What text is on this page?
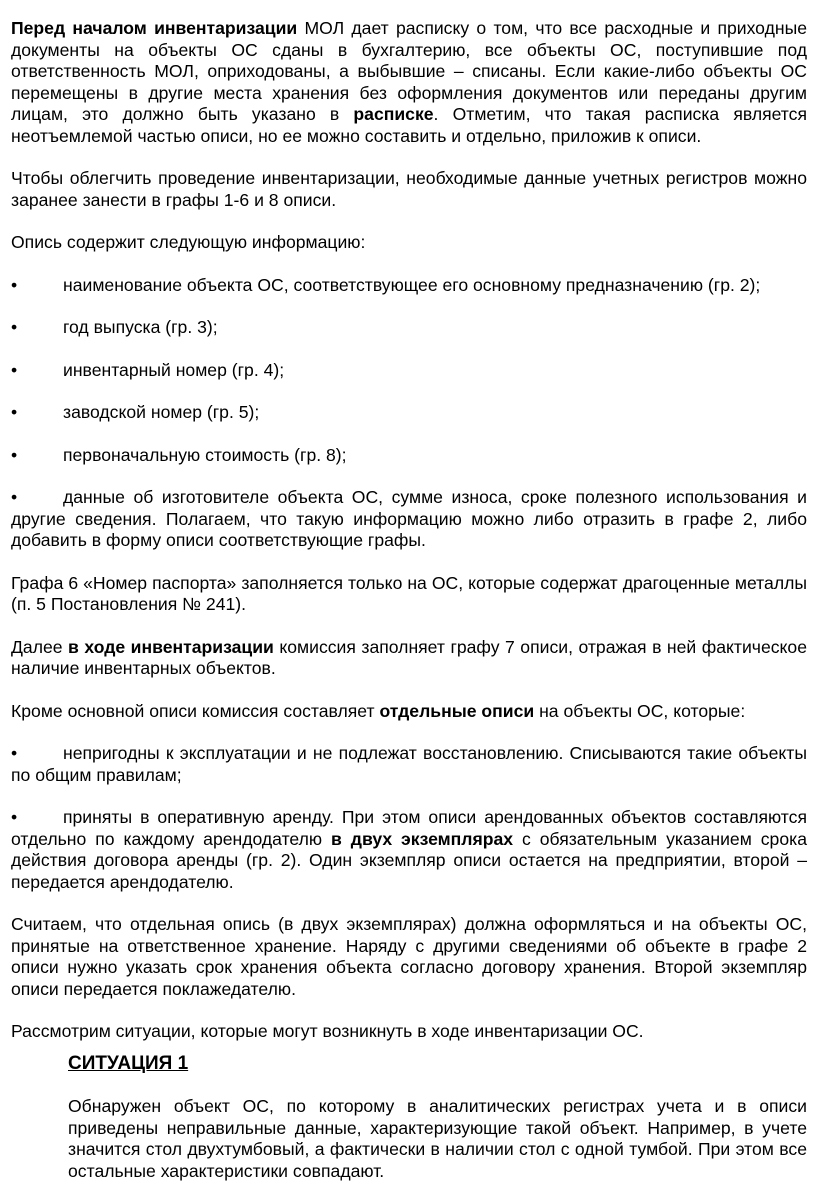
Перед началом инвентаризации МОЛ дает расписку о том, что все расходные и приходные документы на объекты ОС сданы в бухгалтерию, все объекты ОС, поступившие под ответственность МОЛ, оприходованы, а выбывшие – списаны. Если какие-либо объекты ОС перемещены в другие места хранения без оформления документов или переданы другим лицам, это должно быть указано в расписке. Отметим, что такая расписка является неотъемлемой частью описи, но ее можно составить и отдельно, приложив к описи.

Чтобы облегчить проведение инвентаризации, необходимые данные учетных регистров можно заранее занести в графы 1-6 и 8 описи.

Опись содержит следующую информацию:

•	наименование объекта ОС, соответствующее его основному предназначению (гр. 2);

•	год выпуска (гр. 3);

•	инвентарный номер (гр. 4);

•	заводской номер (гр. 5);

•	первоначальную стоимость (гр. 8);

•	данные об изготовителе объекта ОС, сумме износа, сроке полезного использования и другие сведения. Полагаем, что такую информацию можно либо отразить в графе 2, либо добавить в форму описи соответствующие графы.

Графа 6 «Номер паспорта» заполняется только на ОС, которые содержат драгоценные металлы (п. 5 Постановления № 241).

Далее в ходе инвентаризации комиссия заполняет графу 7 описи, отражая в ней фактическое наличие инвентарных объектов.

Кроме основной описи комиссия составляет отдельные описи на объекты ОС, которые:

•	непригодны к эксплуатации и не подлежат восстановлению. Списываются такие объекты по общим правилам;

•	приняты в оперативную аренду. При этом описи арендованных объектов составляются отдельно по каждому арендодателю в двух экземплярах с обязательным указанием срока действия договора аренды (гр. 2). Один экземпляр описи остается на предприятии, второй – передается арендодателю.

Считаем, что отдельная опись (в двух экземплярах) должна оформляться и на объекты ОС, принятые на ответственное хранение. Наряду с другими сведениями об объекте в графе 2 описи нужно указать срок хранения объекта согласно договору хранения. Второй экземпляр описи передается поклажедателю.

Рассмотрим ситуации, которые могут возникнуть в ходе инвентаризации ОС.

СИТУАЦИЯ 1

Обнаружен объект ОС, по которому в аналитических регистрах учета и в описи приведены неправильные данные, характеризующие такой объект. Например, в учете значится стол двухтумбовый, а фактически в наличии стол с одной тумбой. При этом все остальные характеристики совпадают.
